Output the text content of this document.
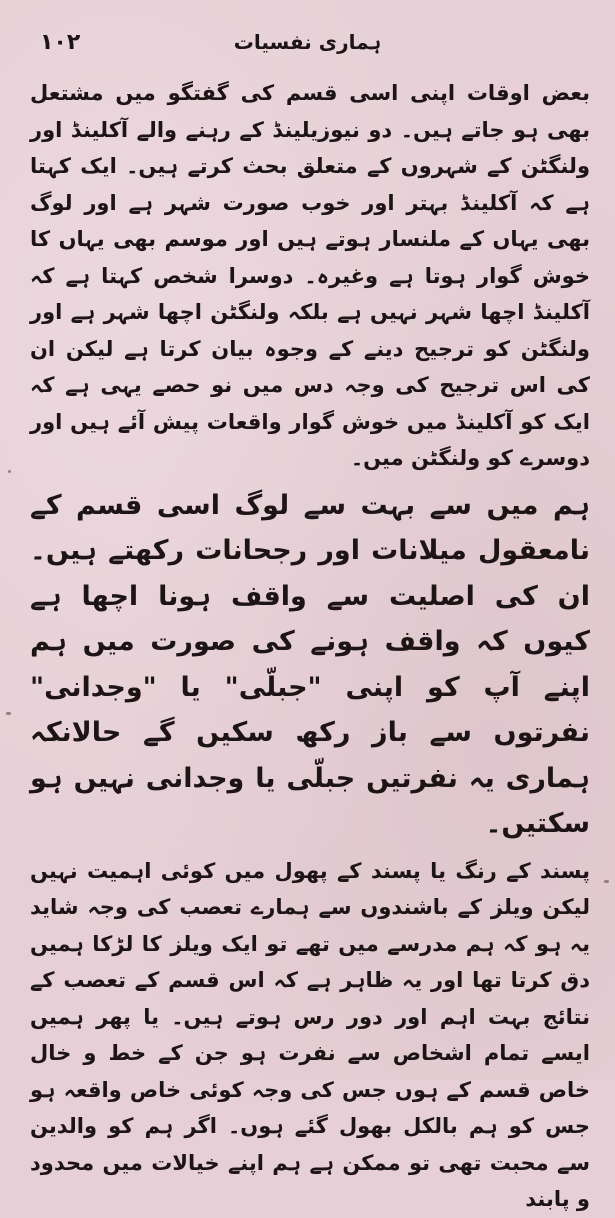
١٠٢	ہماری نفسیات

بعض اوقات اپنی اسی قسم کی گفتگو میں مشتعل بھی ہو جاتے ہیں۔ دو نیوزیلینڈ کے رہنے والے آکلینڈ اور ولنگٹن کے شہروں کے متعلق بحث کرتے ہیں۔ ایک کہتا ہے کہ آکلینڈ بہتر اور خوب صورت شہر ہے اور لوگ بھی یہاں کے ملنسار ہوتے ہیں اور موسم بھی یہاں کا خوش گوار ہوتا ہے وغیرہ۔ دوسرا شخص کہتا ہے کہ آکلینڈ اچھا شہر نہیں ہے بلکہ ولنگٹن اچھا شہر ہے اور ولنگٹن کو ترجیح دینے کے وجوہ بیان کرتا ہے لیکن ان کی اس ترجیح کی وجہ دس میں نو حصے یہی ہے کہ ایک کو آکلینڈ میں خوش گوار واقعات پیش آئے ہیں اور دوسرے کو ولنگٹن میں۔

ہم میں سے بہت سے لوگ اسی قسم کے نامعقول میلانات اور رجحانات رکھتے ہیں۔ ان کی اصلیت سے واقف ہونا اچھا ہے کیوں کہ واقف ہونے کی صورت میں ہم اپنے آپ کو اپنی "جبلّی" یا "وجدانی" نفرتوں سے باز رکھ سکیں گے حالانکہ ہماری یہ نفرتیں جبلّی یا وجدانی نہیں ہو سکتیں۔

پسند کے رنگ یا پسند کے پھول میں کوئی اہمیت نہیں لیکن ویلز کے باشندوں سے ہمارے تعصب کی وجہ شاید یہ ہو کہ ہم مدرسے میں تھے تو ایک ویلز کا لڑکا ہمیں دق کرتا تھا اور یہ ظاہر ہے کہ اس قسم کے تعصب کے نتائج بہت اہم اور دور رس ہوتے ہیں۔ یا پھر ہمیں ایسے تمام اشخاص سے نفرت ہو جن کے خط و خال خاص قسم کے ہوں جس کی وجہ کوئی خاص واقعہ ہو جس کو ہم بالکل بھول گئے ہوں۔ اگر ہم کو والدین سے محبت تھی تو ممکن ہے ہم اپنے خیالات میں محدود و پابند
